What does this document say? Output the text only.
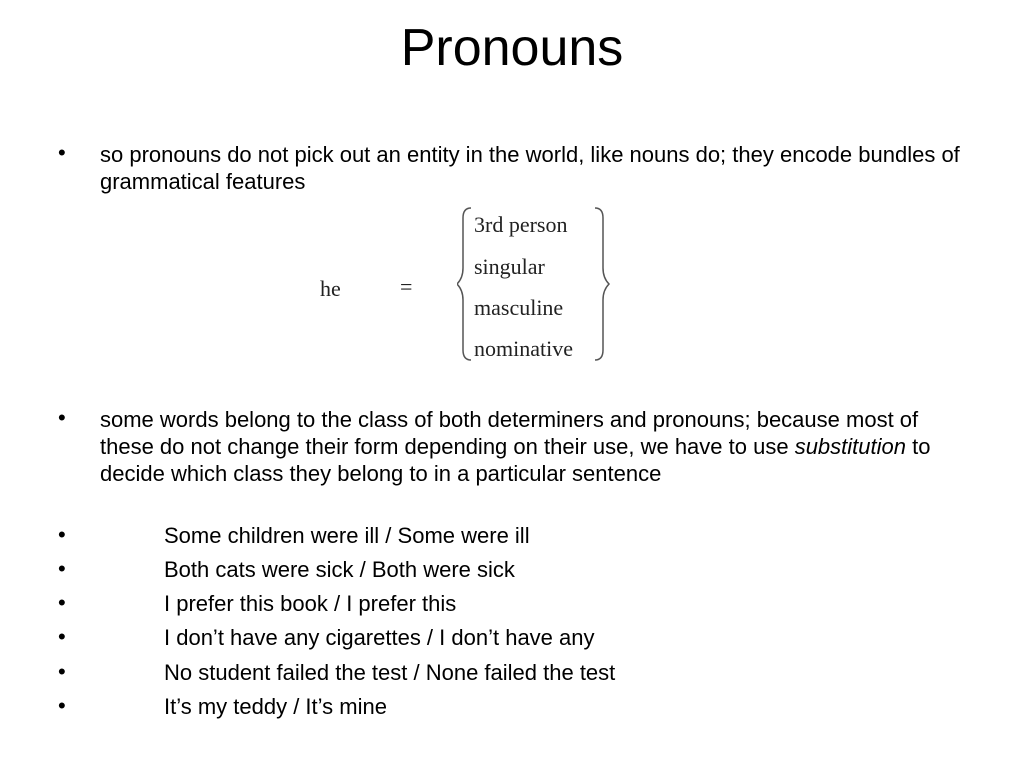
Pronouns
• so pronouns do not pick out an entity in the world, like nouns do; they encode bundles of grammatical features
he	=
3rd person
singular
masculine
nominative
• some words belong to the class of both determiners and pronouns; because most of these do not change their form depending on their use, we have to use substitution to decide which class they belong to in a particular sentence
•	Some children were ill / Some were ill
•	Both cats were sick / Both were sick
•	I prefer this book / I prefer this
•	I don’t have any cigarettes / I don’t have any
•	No student failed the test / None failed the test
•	It’s my teddy / It’s mine
